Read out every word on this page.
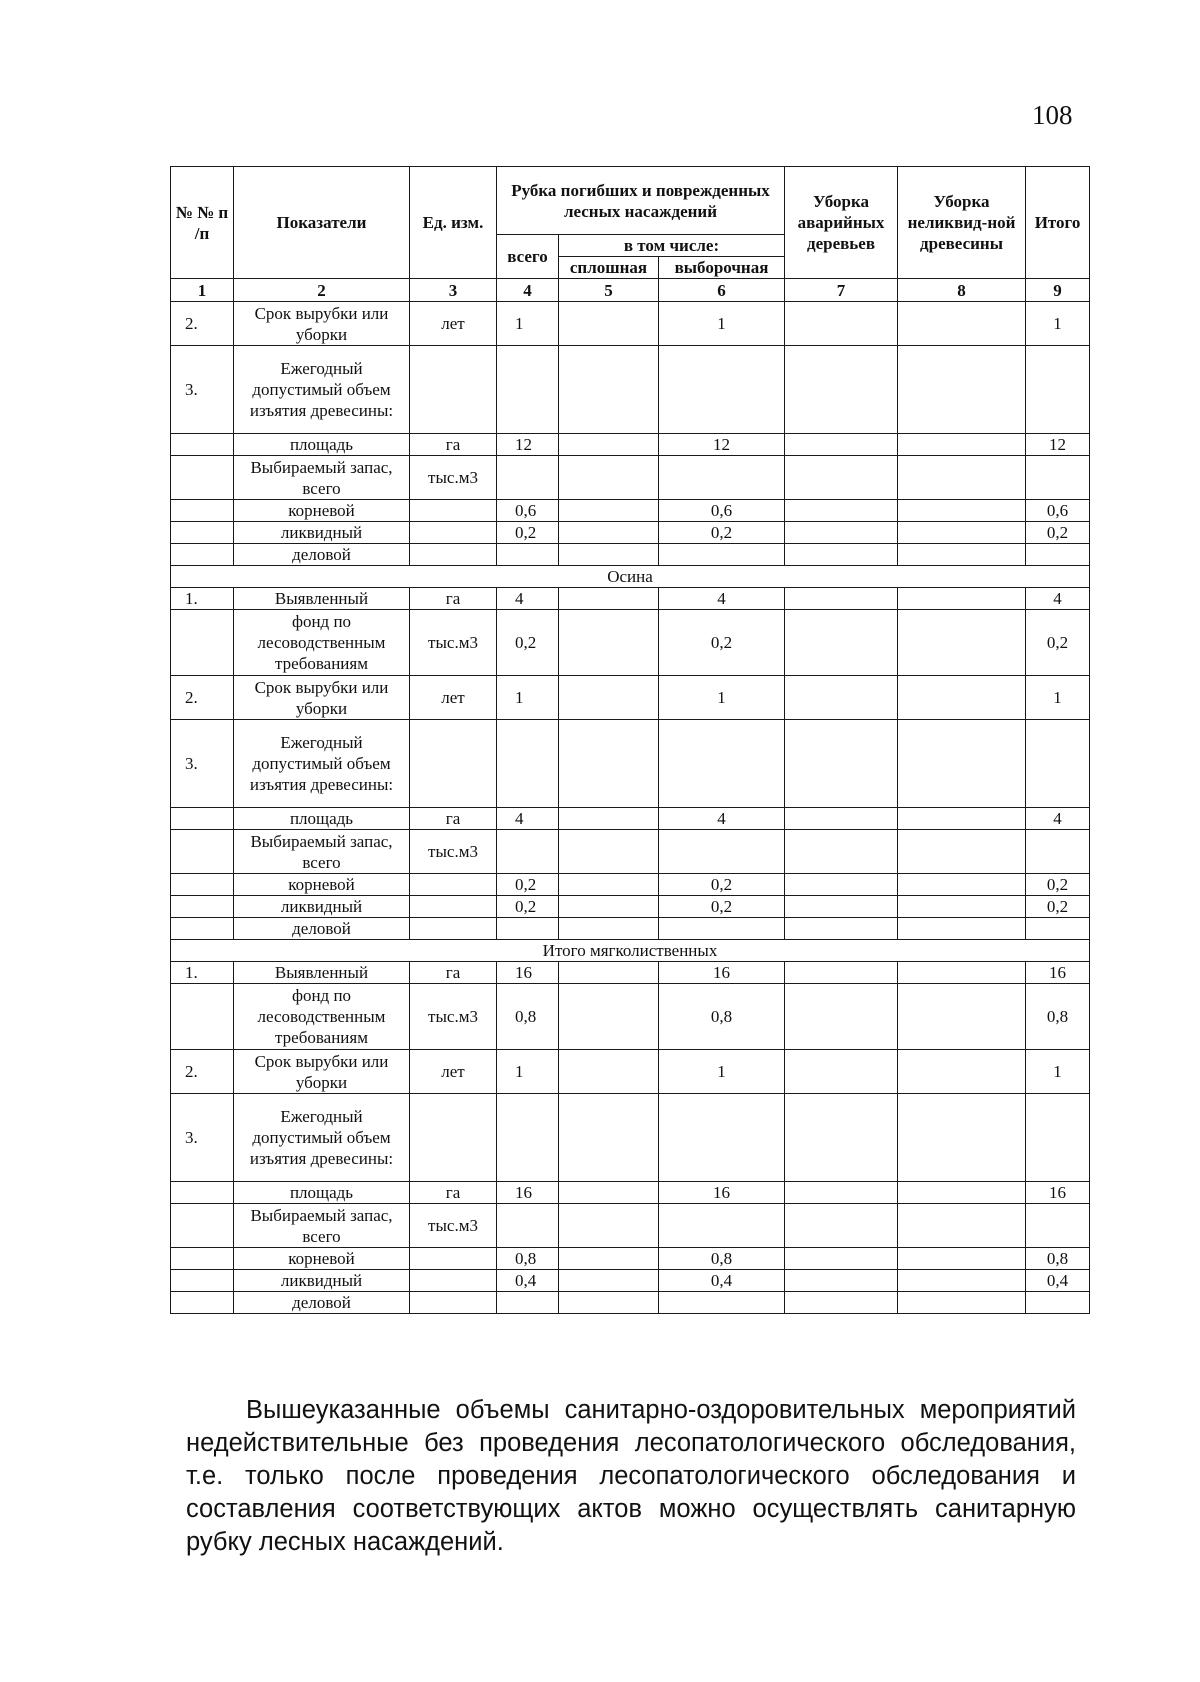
108
№ № п /п	Показатели	Ед. изм.	Рубка погибших и поврежденных лесных насаждений			Уборка аварийных деревьев	Уборка неликвид-ной древесины	Итого
			всего	в том числе:				
				сплошная	выборочная			
1	2	3	4	5	6	7	8	9
2.	Срок вырубки или уборки	лет	1		1			1
3.	Ежегодный допустимый объем изъятия древесины:							
	площадь	га	12		12			12
	Выбираемый запас, всего	тыс.м3						
	корневой		0,6		0,6			0,6
	ликвидный		0,2		0,2			0,2
	деловой							
Осина								
1.	Выявленный	га	4		4			4
	фонд по лесоводственным требованиям	тыс.м3	0,2		0,2			0,2
2.	Срок вырубки или уборки	лет	1		1			1
3.	Ежегодный допустимый объем изъятия древесины:							
	площадь	га	4		4			4
	Выбираемый запас, всего	тыс.м3						
	корневой		0,2		0,2			0,2
	ликвидный		0,2		0,2			0,2
	деловой							
Итого мягколиственных								
1.	Выявленный	га	16		16			16
	фонд по лесоводственным требованиям	тыс.м3	0,8		0,8			0,8
2.	Срок вырубки или уборки	лет	1		1			1
3.	Ежегодный допустимый объем изъятия древесины:							
	площадь	га	16		16			16
	Выбираемый запас, всего	тыс.м3						
	корневой		0,8		0,8			0,8
	ликвидный		0,4		0,4			0,4
	деловой							
Вышеуказанные объемы санитарно-оздоровительных мероприятий недействительные без проведения лесопатологического обследования, т.е. только после проведения лесопатологического обследования и составления соответствующих актов можно осуществлять санитарную рубку лесных насаждений.
